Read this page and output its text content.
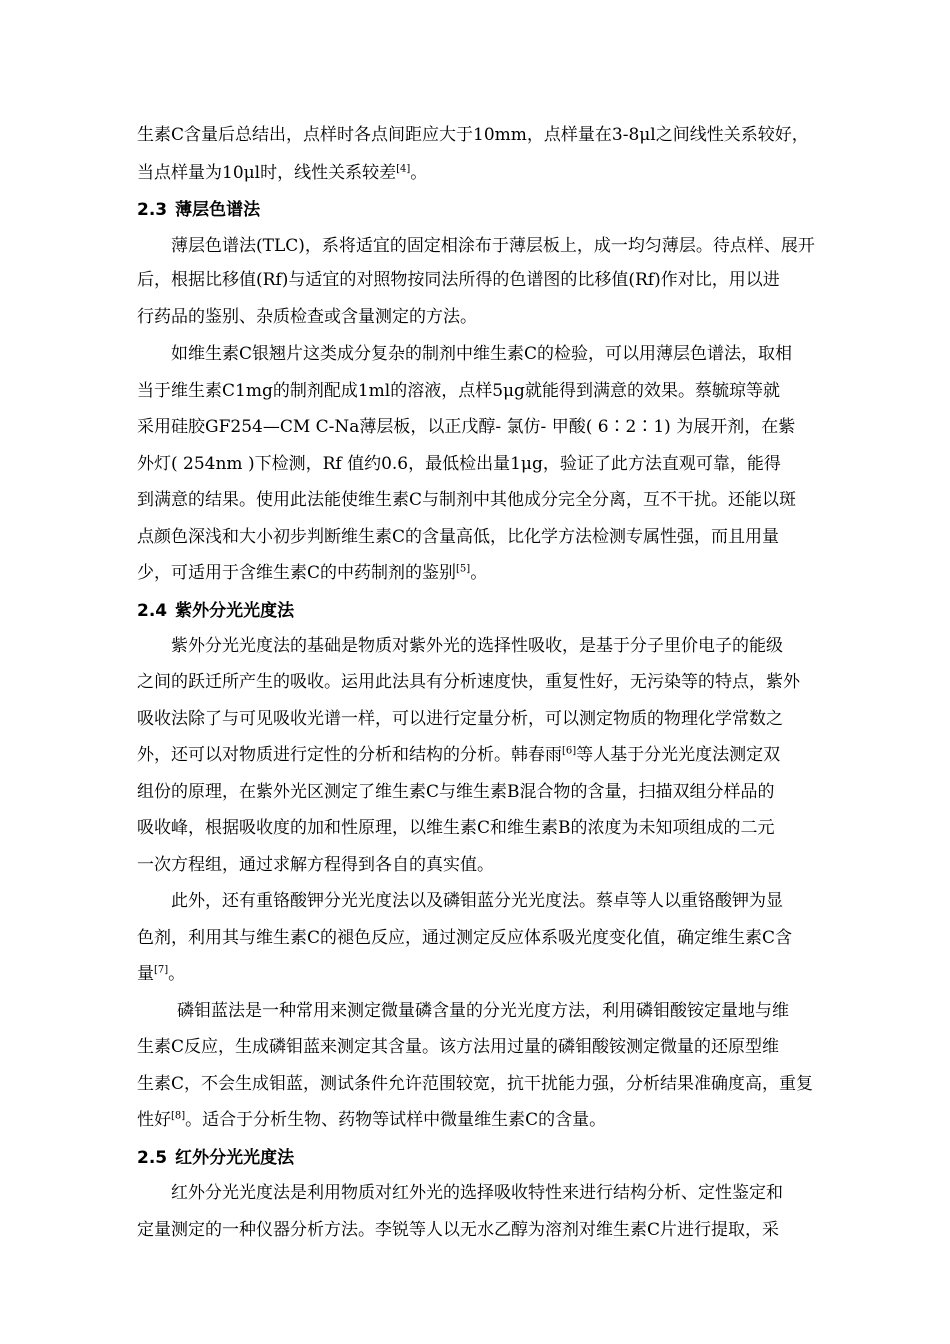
生素C含量后总结出，点样时各点间距应大于10mm，点样量在3-8μl之间线性关系较好，
当点样量为10μl时，线性关系较差[4]。
2.3 薄层色谱法
薄层色谱法(TLC)，系将适宜的固定相涂布于薄层板上，成一均匀薄层。待点样、展开
后，根据比移值(Rf)与适宜的对照物按同法所得的色谱图的比移值(Rf)作对比，用以进
行药品的鉴别、杂质检查或含量测定的方法。
如维生素C银翘片这类成分复杂的制剂中维生素C的检验，可以用薄层色谱法，取相
当于维生素C1mg的制剂配成1ml的溶液，点样5μg就能得到满意的效果。蔡毓琼等就
采用硅胶GF254—CM C-Na薄层板，以正戊醇- 氯仿- 甲酸( 6∶2∶1) 为展开剂，在紫
外灯( 254nm )下检测，Rf 值约0.6，最低检出量1μg，验证了此方法直观可靠，能得
到满意的结果。使用此法能使维生素C与制剂中其他成分完全分离，互不干扰。还能以斑
点颜色深浅和大小初步判断维生素C的含量高低，比化学方法检测专属性强，而且用量
少，可适用于含维生素C的中药制剂的鉴别[5]。
2.4 紫外分光光度法
紫外分光光度法的基础是物质对紫外光的选择性吸收，是基于分子里价电子的能级
之间的跃迁所产生的吸收。运用此法具有分析速度快，重复性好，无污染等的特点，紫外
吸收法除了与可见吸收光谱一样，可以进行定量分析，可以测定物质的物理化学常数之
外，还可以对物质进行定性的分析和结构的分析。韩春雨[6]等人基于分光光度法测定双
组份的原理，在紫外光区测定了维生素C与维生素B混合物的含量，扫描双组分样品的
吸收峰，根据吸收度的加和性原理，以维生素C和维生素B的浓度为未知项组成的二元
一次方程组，通过求解方程得到各自的真实值。
此外，还有重铬酸钾分光光度法以及磷钼蓝分光光度法。蔡卓等人以重铬酸钾为显
色剂，利用其与维生素C的褪色反应，通过测定反应体系吸光度变化值，确定维生素C含
量[7]。
磷钼蓝法是一种常用来测定微量磷含量的分光光度方法，利用磷钼酸铵定量地与维
生素C反应，生成磷钼蓝来测定其含量。该方法用过量的磷钼酸铵测定微量的还原型维
生素C，不会生成钼蓝，测试条件允许范围较宽，抗干扰能力强，分析结果准确度高，重复
性好[8]。适合于分析生物、药物等试样中微量维生素C的含量。
2.5 红外分光光度法
红外分光光度法是利用物质对红外光的选择吸收特性来进行结构分析、定性鉴定和
定量测定的一种仪器分析方法。李锐等人以无水乙醇为溶剂对维生素C片进行提取，采
